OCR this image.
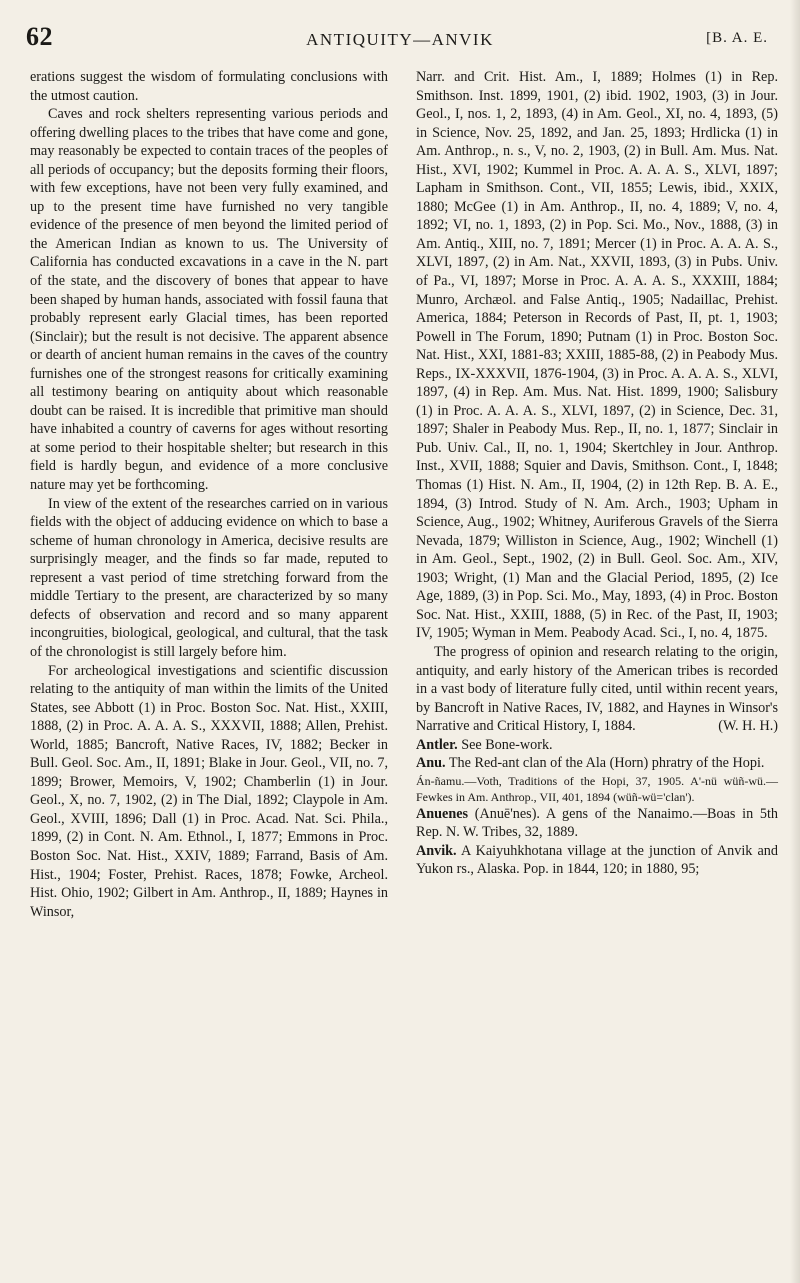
62	ANTIQUITY—ANVIK	[B. A. E.

erations suggest the wisdom of formulating conclusions with the utmost caution.

Caves and rock shelters representing various periods and offering dwelling places to the tribes that have come and gone, may reasonably be expected to contain traces of the peoples of all periods of occupancy; but the deposits forming their floors, with few exceptions, have not been very fully examined, and up to the present time have furnished no very tangible evidence of the presence of men beyond the limited period of the American Indian as known to us. The University of California has conducted excavations in a cave in the N. part of the state, and the discovery of bones that appear to have been shaped by human hands, associated with fossil fauna that probably represent early Glacial times, has been reported (Sinclair); but the result is not decisive. The apparent absence or dearth of ancient human remains in the caves of the country furnishes one of the strongest reasons for critically examining all testimony bearing on antiquity about which reasonable doubt can be raised. It is incredible that primitive man should have inhabited a country of caverns for ages without resorting at some period to their hospitable shelter; but research in this field is hardly begun, and evidence of a more conclusive nature may yet be forthcoming.

In view of the extent of the researches carried on in various fields with the object of adducing evidence on which to base a scheme of human chronology in America, decisive results are surprisingly meager, and the finds so far made, reputed to represent a vast period of time stretching forward from the middle Tertiary to the present, are characterized by so many defects of observation and record and so many apparent incongruities, biological, geological, and cultural, that the task of the chronologist is still largely before him.

For archeological investigations and scientific discussion relating to the antiquity of man within the limits of the United States, see Abbott (1) in Proc. Boston Soc. Nat. Hist., XXIII, 1888, (2) in Proc. A. A. A. S., XXXVII, 1888; Allen, Prehist. World, 1885; Bancroft, Native Races, IV, 1882; Becker in Bull. Geol. Soc. Am., II, 1891; Blake in Jour. Geol., VII, no. 7, 1899; Brower, Memoirs, V, 1902; Chamberlin (1) in Jour. Geol., X, no. 7, 1902, (2) in The Dial, 1892; Claypole in Am. Geol., XVIII, 1896; Dall (1) in Proc. Acad. Nat. Sci. Phila., 1899, (2) in Cont. N. Am. Ethnol., I, 1877; Emmons in Proc. Boston Soc. Nat. Hist., XXIV, 1889; Farrand, Basis of Am. Hist., 1904; Foster, Prehist. Races, 1878; Fowke, Archeol. Hist. Ohio, 1902; Gilbert in Am. Anthrop., II, 1889; Haynes in Winsor,

Narr. and Crit. Hist. Am., I, 1889; Holmes (1) in Rep. Smithson. Inst. 1899, 1901, (2) ibid. 1902, 1903, (3) in Jour. Geol., I, nos. 1, 2, 1893, (4) in Am. Geol., XI, no. 4, 1893, (5) in Science, Nov. 25, 1892, and Jan. 25, 1893; Hrdlicka (1) in Am. Anthrop., n. s., V, no. 2, 1903, (2) in Bull. Am. Mus. Nat. Hist., XVI, 1902; Kummel in Proc. A. A. A. S., XLVI, 1897; Lapham in Smithson. Cont., VII, 1855; Lewis, ibid., XXIX, 1880; McGee (1) in Am. Anthrop., II, no. 4, 1889; V, no. 4, 1892; VI, no. 1, 1893, (2) in Pop. Sci. Mo., Nov., 1888, (3) in Am. Antiq., XIII, no. 7, 1891; Mercer (1) in Proc. A. A. A. S., XLVI, 1897, (2) in Am. Nat., XXVII, 1893, (3) in Pubs. Univ. of Pa., VI, 1897; Morse in Proc. A. A. A. S., XXXIII, 1884; Munro, Archæol. and False Antiq., 1905; Nadaillac, Prehist. America, 1884; Peterson in Records of Past, II, pt. 1, 1903; Powell in The Forum, 1890; Putnam (1) in Proc. Boston Soc. Nat. Hist., XXI, 1881-83; XXIII, 1885-88, (2) in Peabody Mus. Reps., IX-XXXVII, 1876-1904, (3) in Proc. A. A. A. S., XLVI, 1897, (4) in Rep. Am. Mus. Nat. Hist. 1899, 1900; Salisbury (1) in Proc. A. A. A. S., XLVI, 1897, (2) in Science, Dec. 31, 1897; Shaler in Peabody Mus. Rep., II, no. 1, 1877; Sinclair in Pub. Univ. Cal., II, no. 1, 1904; Skertchley in Jour. Anthrop. Inst., XVII, 1888; Squier and Davis, Smithson. Cont., I, 1848; Thomas (1) Hist. N. Am., II, 1904, (2) in 12th Rep. B. A. E., 1894, (3) Introd. Study of N. Am. Arch., 1903; Upham in Science, Aug., 1902; Whitney, Auriferous Gravels of the Sierra Nevada, 1879; Williston in Science, Aug., 1902; Winchell (1) in Am. Geol., Sept., 1902, (2) in Bull. Geol. Soc. Am., XIV, 1903; Wright, (1) Man and the Glacial Period, 1895, (2) Ice Age, 1889, (3) in Pop. Sci. Mo., May, 1893, (4) in Proc. Boston Soc. Nat. Hist., XXIII, 1888, (5) in Rec. of the Past, II, 1903; IV, 1905; Wyman in Mem. Peabody Acad. Sci., I, no. 4, 1875.

The progress of opinion and research relating to the origin, antiquity, and early history of the American tribes is recorded in a vast body of literature fully cited, until within recent years, by Bancroft in Native Races, IV, 1882, and Haynes in Winsor's Narrative and Critical History, I, 1884.	(W. H. H.)

Antler. See Bone-work.

Anu. The Red-ant clan of the Ala (Horn) phratry of the Hopi.

Án-ñamu.—Voth, Traditions of the Hopi, 37, 1905. A'-nü wüñ-wü.—Fewkes in Am. Anthrop., VII, 401, 1894 (wüñ-wü='clan').

Anuenes (Anuē'nes). A gens of the Nanaimo.—Boas in 5th Rep. N. W. Tribes, 32, 1889.

Anvik. A Kaiyuhkhotana village at the junction of Anvik and Yukon rs., Alaska. Pop. in 1844, 120; in 1880, 95;
